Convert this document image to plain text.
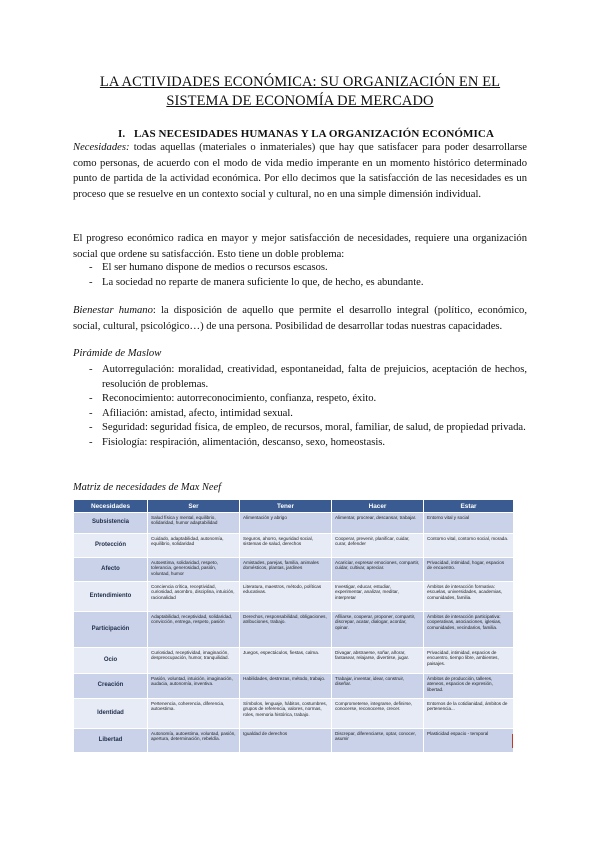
LA ACTIVIDADES ECONÓMICA: SU ORGANIZACIÓN EN EL
SISTEMA DE ECONOMÍA DE MERCADO
I. LAS NECESIDADES HUMANAS Y LA ORGANIZACIÓN ECONÓMICA
Necesidades: todas aquellas (materiales o inmateriales) que hay que satisfacer para poder desarrollarse como personas, de acuerdo con el modo de vida medio imperante en un momento histórico determinado punto de partida de la actividad económica. Por ello decimos que la satisfacción de las necesidades es un proceso que se resuelve en un contexto social y cultural, no en una simple dimensión individual.
El progreso económico radica en mayor y mejor satisfacción de necesidades, requiere una organización social que ordene su satisfacción. Esto tiene un doble problema:
- El ser humano dispone de medios o recursos escasos.
- La sociedad no reparte de manera suficiente lo que, de hecho, es abundante.
Bienestar humano: la disposición de aquello que permite el desarrollo integral (político, económico, social, cultural, psicológico…) de una persona. Posibilidad de desarrollar todas nuestras capacidades.
Pirámide de Maslow
- Autorregulación: moralidad, creatividad, espontaneidad, falta de prejuicios, aceptación de hechos, resolución de problemas.
- Reconocimiento: autorreconocimiento, confianza, respeto, éxito.
- Afiliación: amistad, afecto, intimidad sexual.
- Seguridad: seguridad física, de empleo, de recursos, moral, familiar, de salud, de propiedad privada.
- Fisiología: respiración, alimentación, descanso, sexo, homeostasis.
Matriz de necesidades de Max Neef
Necesidades	Ser	Tener	Hacer	Estar
Subsistencia	Salud física y mental, equilibrio, solidaridad, humor adaptabilidad	Alimentación y abrigo	Alimentar, procrear, descansar, trabajar.	Entorno vital y social
Protección	Cuidado, adaptabilidad, autonomía, equilibrio, solidaridad	Seguros, ahorro, seguridad social, sistemas de salud, derechos	Cooperar, prevenir, planificar, cuidar, curar, defender	Contorno vital, contorno social, morada.
Afecto	Autoestima, solidaridad, respeto, tolerancia, generosidad, pasión, voluntad, humor	Amistades, parejas, familia, animales domésticos, plantas, jardines	Acariciar, expresar emociones, compartir, cuidar, cultivar, apreciar.	Privacidad, intimidad, hogar, espacios de encuentro.
Entendimiento	Conciencia crítica, receptividad, curiosidad, asombro, disciplina, intuición, racionalidad	Literatura, maestros, método, políticas educativas.	Investigar, educar, estudiar, experimentar, analizar, meditar, interpretar	Ámbitos de interacción formativa: escuelas, universidades, academias, comunidades, familia.
Participación	Adaptabilidad, receptividad, solidaridad, convicción, entrega, respeto, pasión	Derechos, responsabilidad, obligaciones, atribuciones, trabajo.	Afiliarse, cooperar, proponer, compartir, discrepar, acatar, dialogar, acordar, opinar.	Ámbitos de interacción participativa: cooperativas, asociaciones, iglesias, comunidades, vecindarios, familia.
Ocio	Curiosidad, receptividad, imaginación, despreocupación, humor, tranquilidad.	Juegos, espectáculos, fiestas, calma.	Divagar, abstraerse, soñar, añorar, fantasear, relajarse, divertirse, jugar.	Privacidad, intimidad, espacios de encuentro, tiempo libre, ambientes, paisajes.
Creación	Pasión, voluntad, intuición, imaginación, audacia, autonomía, inventiva.	Habilidades, destrezas, método, trabajo.	Trabajar, inventar, idear, construir, diseñar.	Ámbitos de producción, talleres, ateneos, espacios de expresión, libertad.
Identidad	Pertenencia, coherencia, diferencia, autoestima.	Símbolos, lenguaje, hábitos, costumbres, grupos de referencia, valores, normas, roles, memoria histórica, trabajo.	Comprometerse, integrarse, definirse, conocerse, reconocerse, crecer.	Entornos de la cotidianidad, ámbitos de pertenencia...
Libertad	Autonomía, autoestima, voluntad, pasión, apertura, determinación, rebeldía.	Igualdad de derechos	Discrepar, diferenciarse, optar, conocer, asumir	Plasticidad espacio - temporal
